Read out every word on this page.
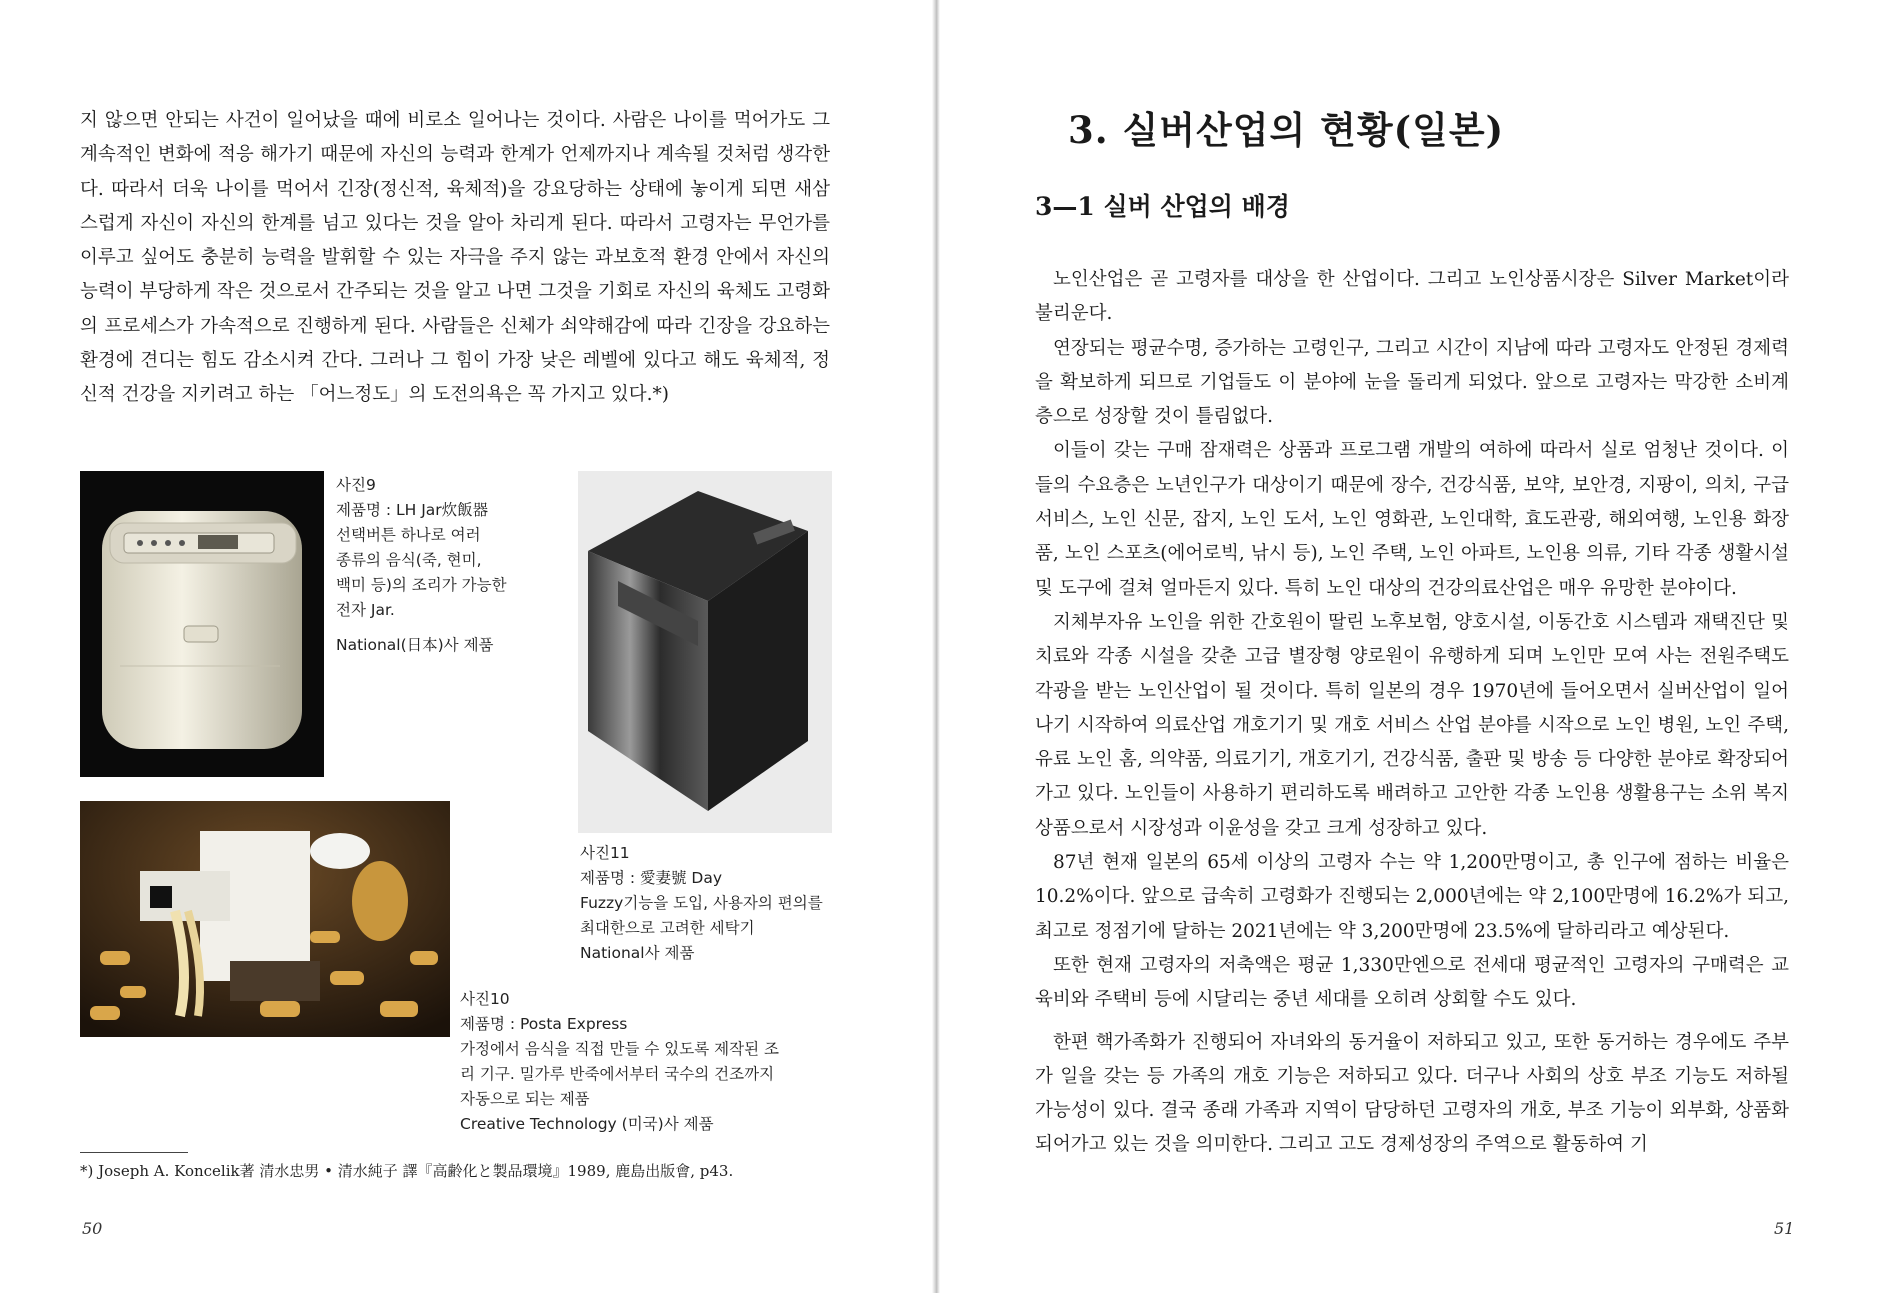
지 않으면 안되는 사건이 일어났을 때에 비로소 일어나는 것이다. 사람은 나이를 먹어가도 그 계속적인 변화에 적응 해가기 때문에 자신의 능력과 한계가 언제까지나 계속될 것처럼 생각한다. 따라서 더욱 나이를 먹어서 긴장(정신적, 육체적)을 강요당하는 상태에 놓이게 되면 새삼스럽게 자신이 자신의 한계를 넘고 있다는 것을 알아 차리게 된다. 따라서 고령자는 무언가를 이루고 싶어도 충분히 능력을 발휘할 수 있는 자극을 주지 않는 과보호적 환경 안에서 자신의 능력이 부당하게 작은 것으로서 간주되는 것을 알고 나면 그것을 기회로 자신의 육체도 고령화의 프로세스가 가속적으로 진행하게 된다. 사람들은 신체가 쇠약해감에 따라 긴장을 강요하는 환경에 견디는 힘도 감소시켜 간다. 그러나 그 힘이 가장 낮은 레벨에 있다고 해도 육체적, 정신적 건강을 지키려고 하는 「어느정도」의 도전의욕은 꼭 가지고 있다.*)

사진9
제품명 : LH Jar炊飯器
선택버튼 하나로 여러
종류의 음식(죽, 현미,
백미 등)의 조리가 가능한
전자 Jar.
National(日本)사 제품
사진11
제품명 : 愛妻號 Day
Fuzzy기능을 도입, 사용자의 편의를
최대한으로 고려한 세탁기
National사 제품
사진10
제품명 : Posta Express
가정에서 음식을 직접 만들 수 있도록 제작된 조
리 기구. 밀가루 반죽에서부터 국수의 건조까지
자동으로 되는 제품
Creative Technology (미국)사 제품
*) Joseph A. Koncelik著 清水忠男 • 清水純子 譯『高齢化と製品環境』1989, 鹿島出版會, p43.
50
3. 실버산업의 현황(일본)
3—1 실버 산업의 배경

노인산업은 곧 고령자를 대상을 한 산업이다. 그리고 노인상품시장은 Silver Market이라 불리운다.

연장되는 평균수명, 증가하는 고령인구, 그리고 시간이 지남에 따라 고령자도 안정된 경제력을 확보하게 되므로 기업들도 이 분야에 눈을 돌리게 되었다. 앞으로 고령자는 막강한 소비계층으로 성장할 것이 틀림없다.

이들이 갖는 구매 잠재력은 상품과 프로그램 개발의 여하에 따라서 실로 엄청난 것이다. 이들의 수요층은 노년인구가 대상이기 때문에 장수, 건강식품, 보약, 보안경, 지팡이, 의치, 구급 서비스, 노인 신문, 잡지, 노인 도서, 노인 영화관, 노인대학, 효도관광, 해외여행, 노인용 화장품, 노인 스포츠(에어로빅, 낚시 등), 노인 주택, 노인 아파트, 노인용 의류, 기타 각종 생활시설 및 도구에 걸쳐 얼마든지 있다. 특히 노인 대상의 건강의료산업은 매우 유망한 분야이다.

지체부자유 노인을 위한 간호원이 딸린 노후보험, 양호시설, 이동간호 시스템과 재택진단 및 치료와 각종 시설을 갖춘 고급 별장형 양로원이 유행하게 되며 노인만 모여 사는 전원주택도 각광을 받는 노인산업이 될 것이다. 특히 일본의 경우 1970년에 들어오면서 실버산업이 일어나기 시작하여 의료산업 개호기기 및 개호 서비스 산업 분야를 시작으로 노인 병원, 노인 주택, 유료 노인 홈, 의약품, 의료기기, 개호기기, 건강식품, 출판 및 방송 등 다양한 분야로 확장되어가고 있다. 노인들이 사용하기 편리하도록 배려하고 고안한 각종 노인용 생활용구는 소위 복지상품으로서 시장성과 이윤성을 갖고 크게 성장하고 있다.

87년 현재 일본의 65세 이상의 고령자 수는 약 1,200만명이고, 총 인구에 점하는 비율은 10.2%이다. 앞으로 급속히 고령화가 진행되는 2,000년에는 약 2,100만명에 16.2%가 되고, 최고로 정점기에 달하는 2021년에는 약 3,200만명에 23.5%에 달하리라고 예상된다.

또한 현재 고령자의 저축액은 평균 1,330만엔으로 전세대 평균적인 고령자의 구매력은 교육비와 주택비 등에 시달리는 중년 세대를 오히려 상회할 수도 있다.

한편 핵가족화가 진행되어 자녀와의 동거율이 저하되고 있고, 또한 동거하는 경우에도 주부가 일을 갖는 등 가족의 개호 기능은 저하되고 있다. 더구나 사회의 상호 부조 기능도 저하될 가능성이 있다. 결국 종래 가족과 지역이 담당하던 고령자의 개호, 부조 기능이 외부화, 상품화되어가고 있는 것을 의미한다. 그리고 고도 경제성장의 주역으로 활동하여 기

51
